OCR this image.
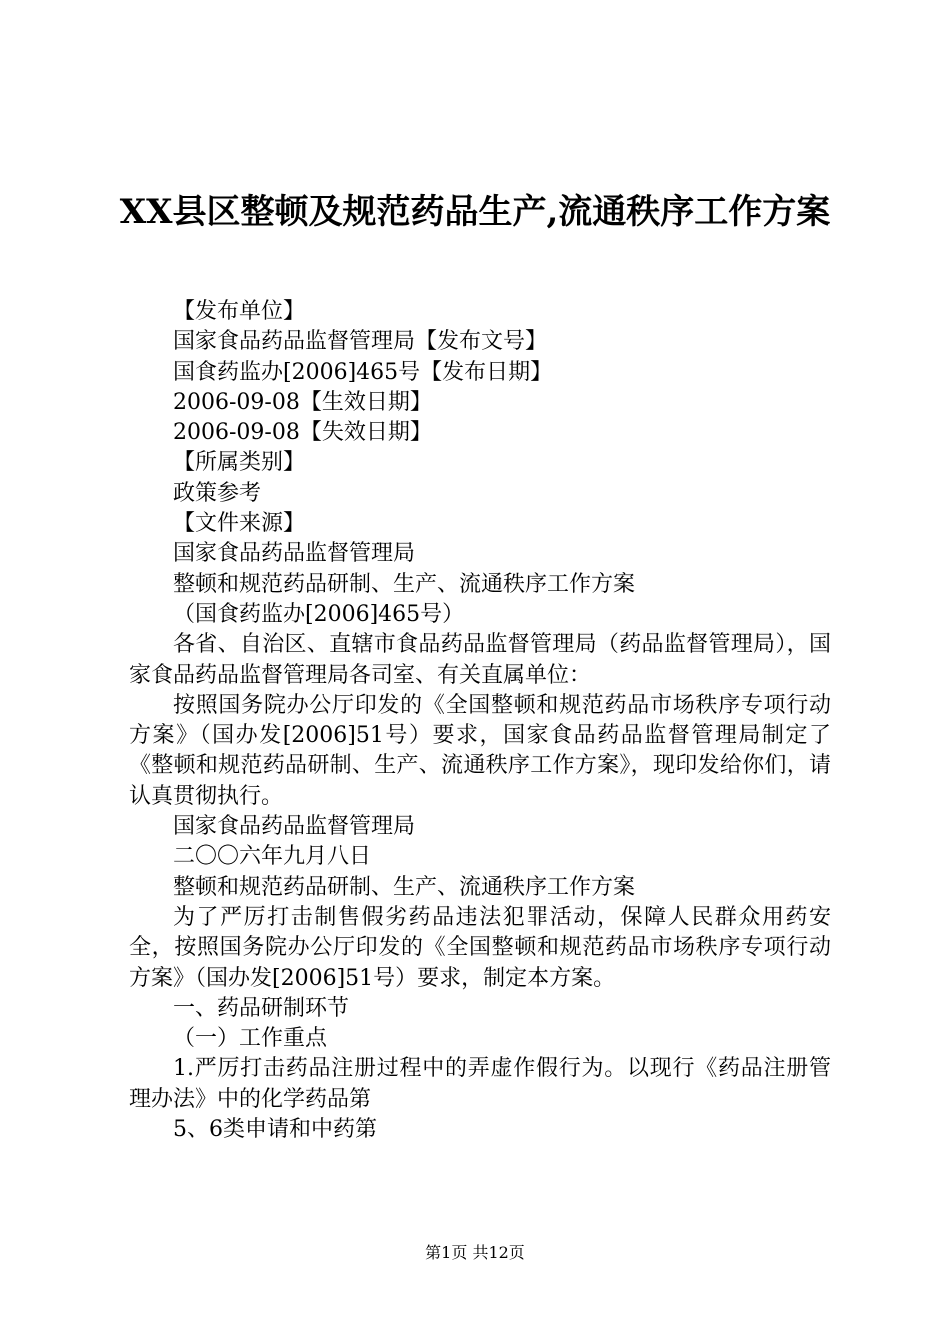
XX县区整顿及规范药品生产,流通秩序工作方案

【发布单位】

国家食品药品监督管理局【发布文号】

国食药监办[2006]465号【发布日期】

2006-09-08【生效日期】

2006-09-08【失效日期】

【所属类别】

政策参考

【文件来源】

国家食品药品监督管理局

整顿和规范药品研制、生产、流通秩序工作方案

（国食药监办[2006]465号）

各省、自治区、直辖市食品药品监督管理局（药品监督管理局），国家食品药品监督管理局各司室、有关直属单位：

按照国务院办公厅印发的《全国整顿和规范药品市场秩序专项行动方案》（国办发[2006]51号）要求，国家食品药品监督管理局制定了《整顿和规范药品研制、生产、流通秩序工作方案》，现印发给你们，请认真贯彻执行。

国家食品药品监督管理局

二〇〇六年九月八日

整顿和规范药品研制、生产、流通秩序工作方案

为了严厉打击制售假劣药品违法犯罪活动，保障人民群众用药安全，按照国务院办公厅印发的《全国整顿和规范药品市场秩序专项行动方案》（国办发[2006]51号）要求，制定本方案。

一、药品研制环节

（一）工作重点

1.严厉打击药品注册过程中的弄虚作假行为。以现行《药品注册管理办法》中的化学药品第

5、6类申请和中药第

第1页 共12页
